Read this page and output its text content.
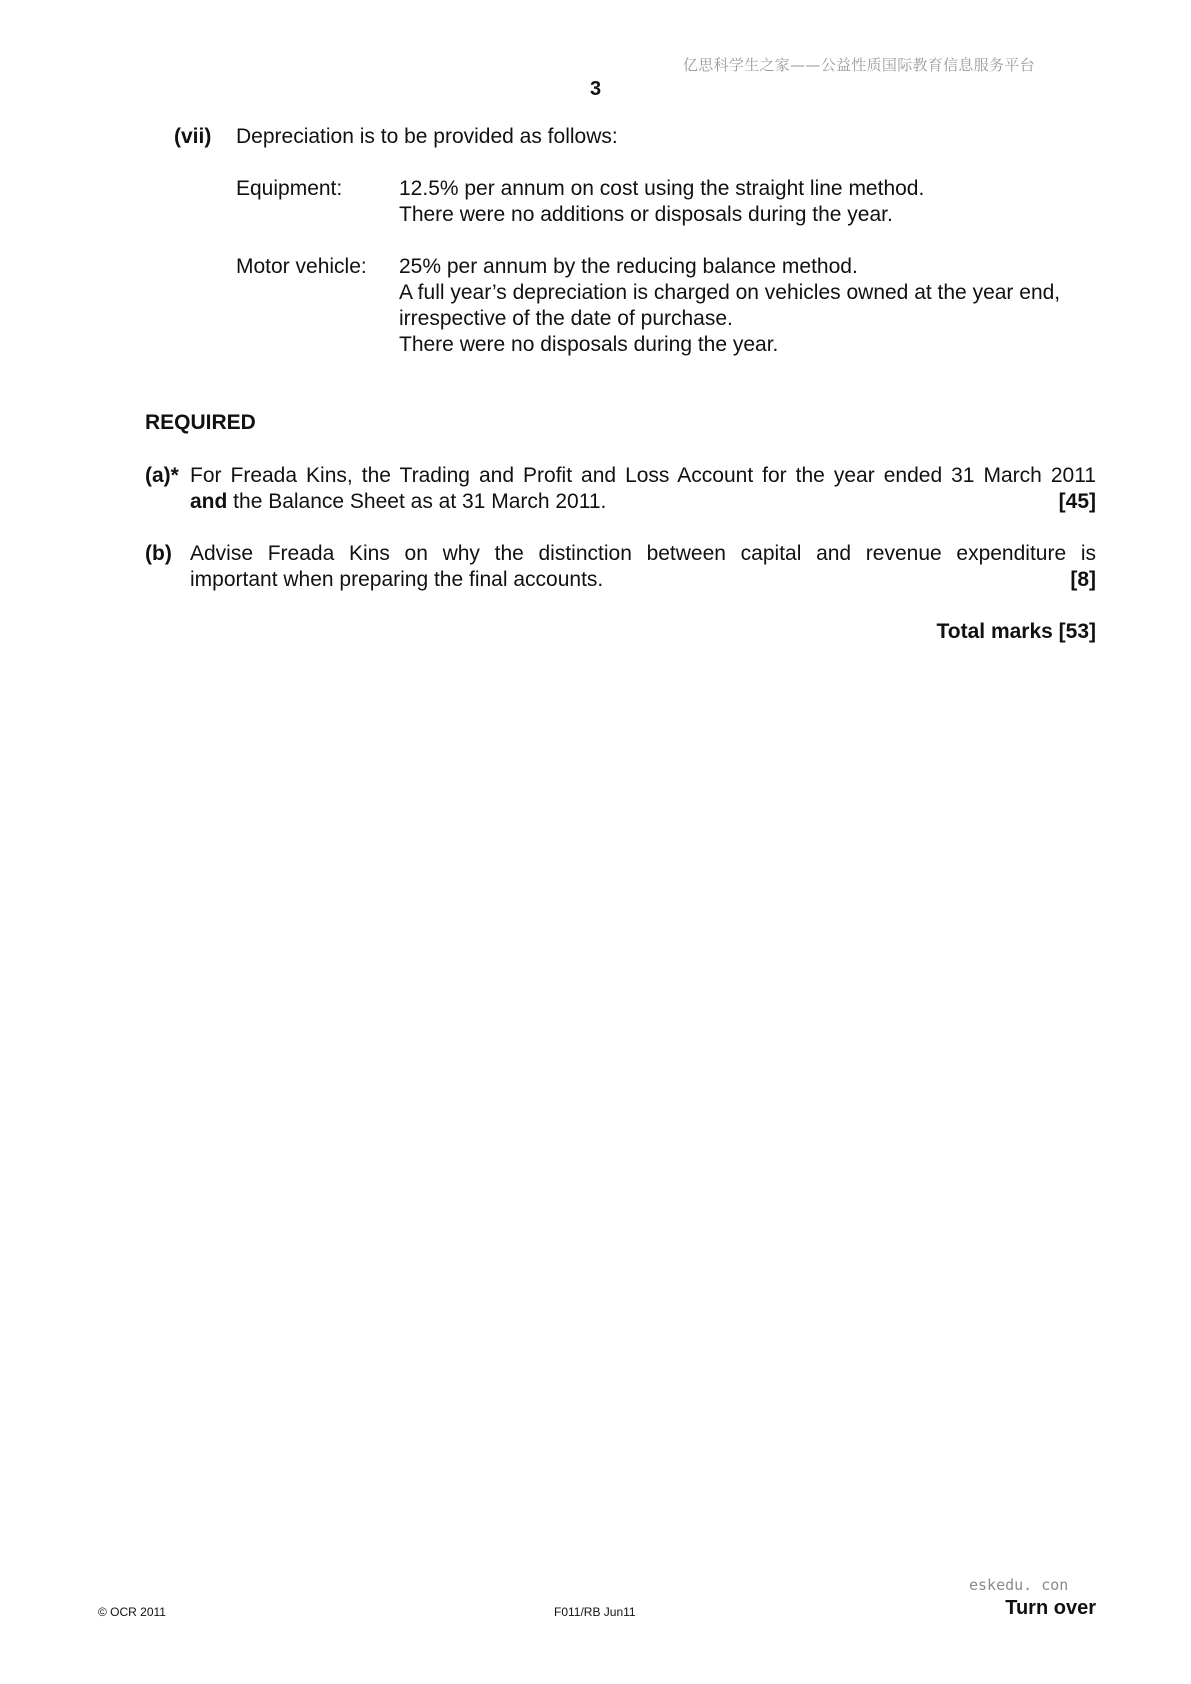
亿思科学生之家——公益性质国际教育信息服务平台
3
(vii) Depreciation is to be provided as follows:
Equipment:	12.5% per annum on cost using the straight line method.
There were no additions or disposals during the year.
Motor vehicle: 25% per annum by the reducing balance method.
A full year’s depreciation is charged on vehicles owned at the year end,
irrespective of the date of purchase.
There were no disposals during the year.
REQUIRED
(a)* For Freada Kins, the Trading and Profit and Loss Account for the year ended 31 March 2011
and the Balance Sheet as at 31 March 2011.	[45]
(b) Advise Freada Kins on why the distinction between capital and revenue expenditure is
important when preparing the final accounts.	[8]
Total marks [53]
eskedu. con
© OCR 2011	F011/RB Jun11	Turn over
